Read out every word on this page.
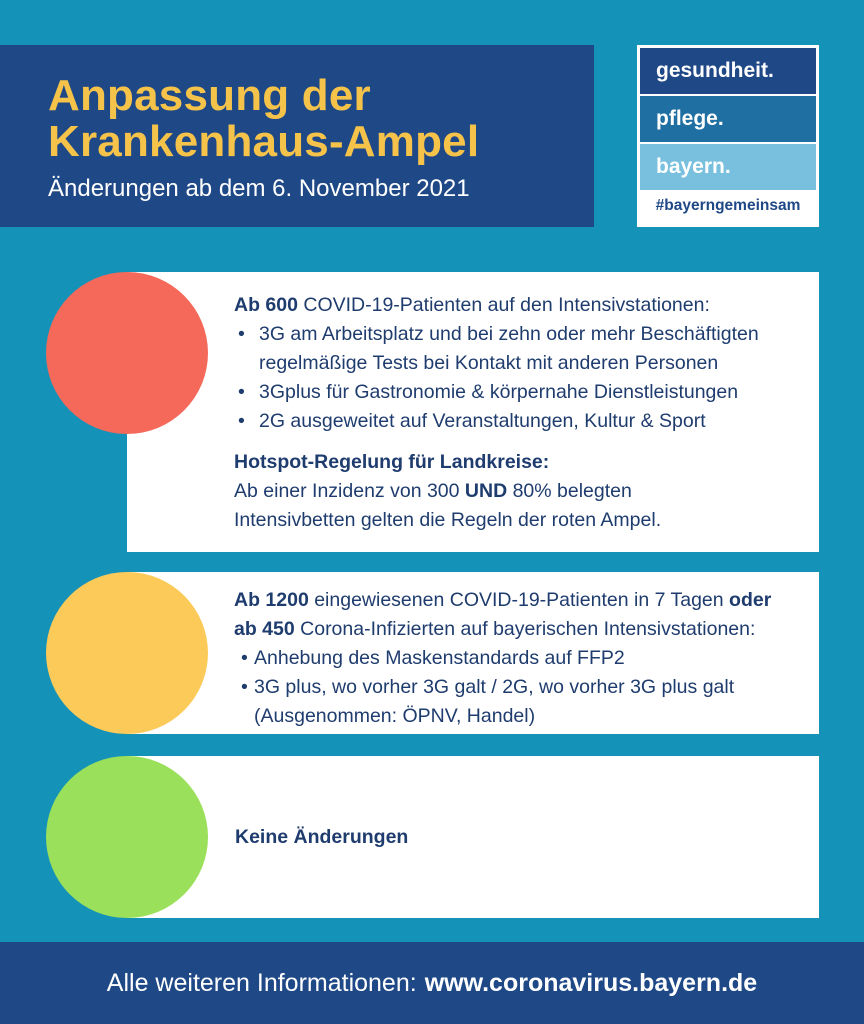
Anpassung der
Krankenhaus-Ampel
Änderungen ab dem 6. November 2021
gesundheit.
pflege.
bayern.
#bayerngemeinsam
Ab 600 COVID-19-Patienten auf den Intensivstationen:
• 3G am Arbeitsplatz und bei zehn oder mehr Beschäftigten
regelmäßige Tests bei Kontakt mit anderen Personen
• 3Gplus für Gastronomie & körpernahe Dienstleistungen
• 2G ausgeweitet auf Veranstaltungen, Kultur & Sport
Hotspot-Regelung für Landkreise:
Ab einer Inzidenz von 300 UND 80% belegten
Intensivbetten gelten die Regeln der roten Ampel.
Ab 1200 eingewiesenen COVID-19-Patienten in 7 Tagen oder
ab 450 Corona-Infizierten auf bayerischen Intensivstationen:
• Anhebung des Maskenstandards auf FFP2
• 3G plus, wo vorher 3G galt / 2G, wo vorher 3G plus galt
(Ausgenommen: ÖPNV, Handel)
Keine Änderungen
Alle weiteren Informationen: www.coronavirus.bayern.de
